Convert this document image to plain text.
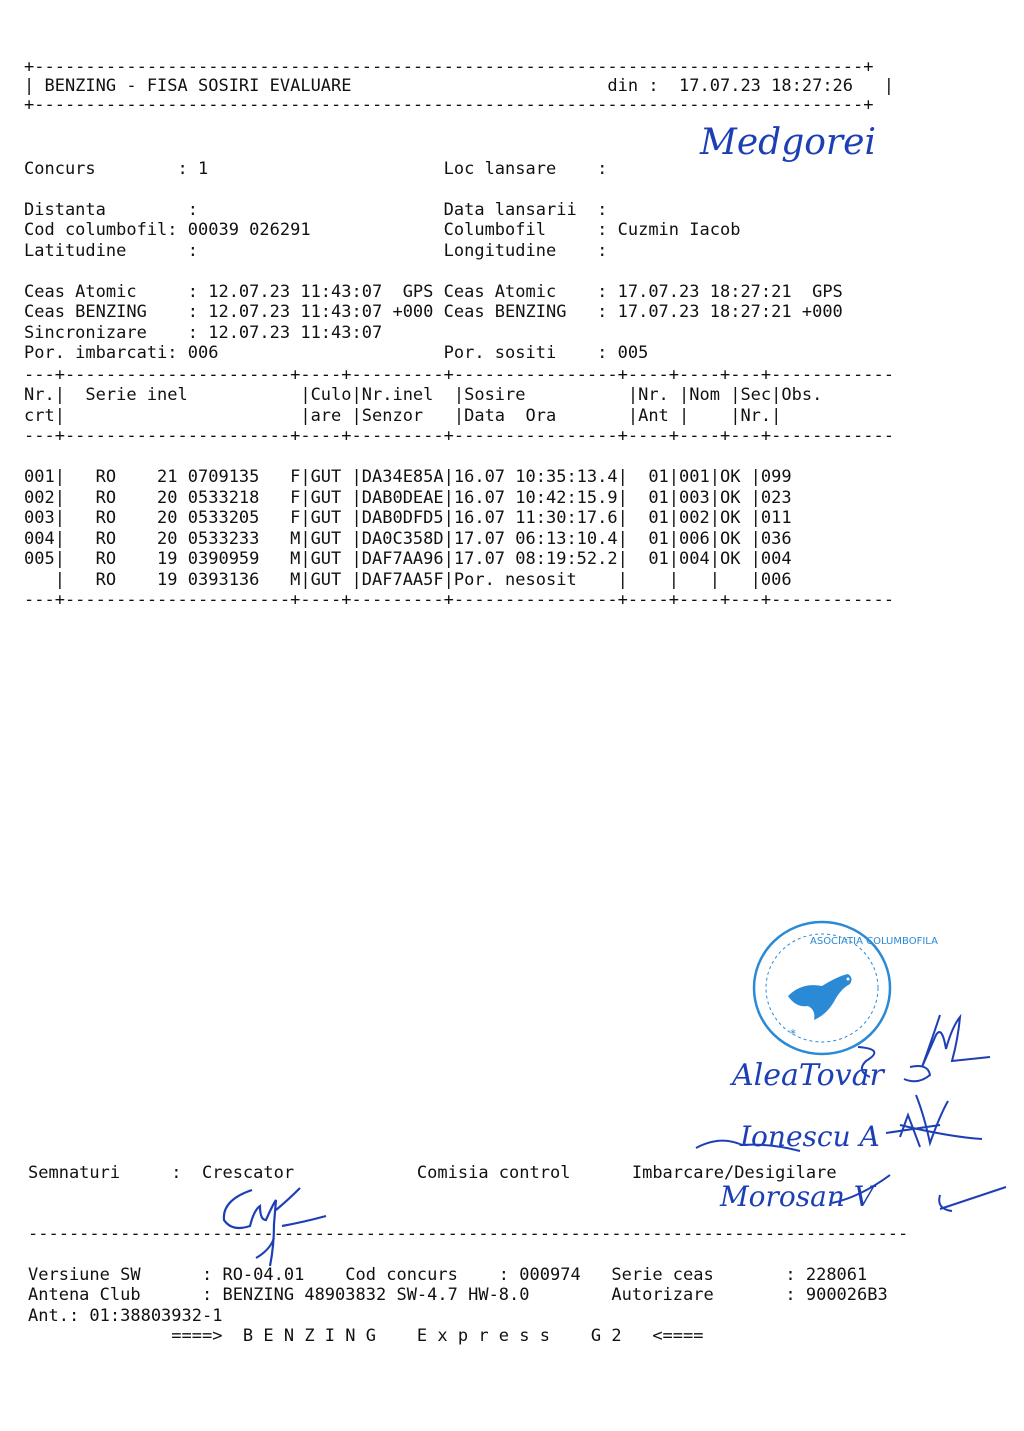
+---------------------------------------------------------------------------------+
| BENZING - FISA SOSIRI EVALUARE                         din :  17.07.23 18:27:26   |
+---------------------------------------------------------------------------------+

Concurs        : 1                       Loc lansare    :

Distanta        :                        Data lansarii  :
Cod columbofil: 00039 026291             Columbofil     : Cuzmin Iacob
Latitudine      :                        Longitudine    :

Ceas Atomic     : 12.07.23 11:43:07  GPS Ceas Atomic    : 17.07.23 18:27:21  GPS
Ceas BENZING    : 12.07.23 11:43:07 +000 Ceas BENZING   : 17.07.23 18:27:21 +000
Sincronizare    : 12.07.23 11:43:07
Por. imbarcati: 006                      Por. sositi    : 005
Medgorei

---+----------------------+----+---------+----------------+----+----+---+------------
Nr.|  Serie inel           |Culo|Nr.inel  |Sosire          |Nr. |Nom |Sec|Obs.
crt|                       |are |Senzor   |Data  Ora       |Ant |    |Nr.|
---+----------------------+----+---------+----------------+----+----+---+------------

001|   RO    21 0709135   F|GUT |DA34E85A|16.07 10:35:13.4|  01|001|OK |099
002|   RO    20 0533218   F|GUT |DAB0DEAE|16.07 10:42:15.9|  01|003|OK |023
003|   RO    20 0533205   F|GUT |DAB0DFD5|16.07 11:30:17.6|  01|002|OK |011
004|   RO    20 0533233   M|GUT |DA0C358D|17.07 06:13:10.4|  01|006|OK |036
005|   RO    19 0390959   M|GUT |DAF7AA96|17.07 08:19:52.2|  01|004|OK |004
|   RO    19 0393136   M|GUT |DAF7AA5F|Por. nesosit    |    |   |   |006
---+----------------------+----+---------+----------------+----+----+---+------------
*
ASOCIATIA COLUMBOFILA
AleaTovar
Ionescu A
Morosan V
Semnaturi     :  Crescator            Comisia control      Imbarcare/Desigilare
--------------------------------------------------------------------------------------

Versiune SW      : RO-04.01    Cod concurs    : 000974   Serie ceas       : 228061
Antena Club      : BENZING 48903832 SW-4.7 HW-8.0        Autorizare       : 900026B3
Ant.: 01:38803932-1
====>  B E N Z I N G    E x p r e s s    G 2   <====
